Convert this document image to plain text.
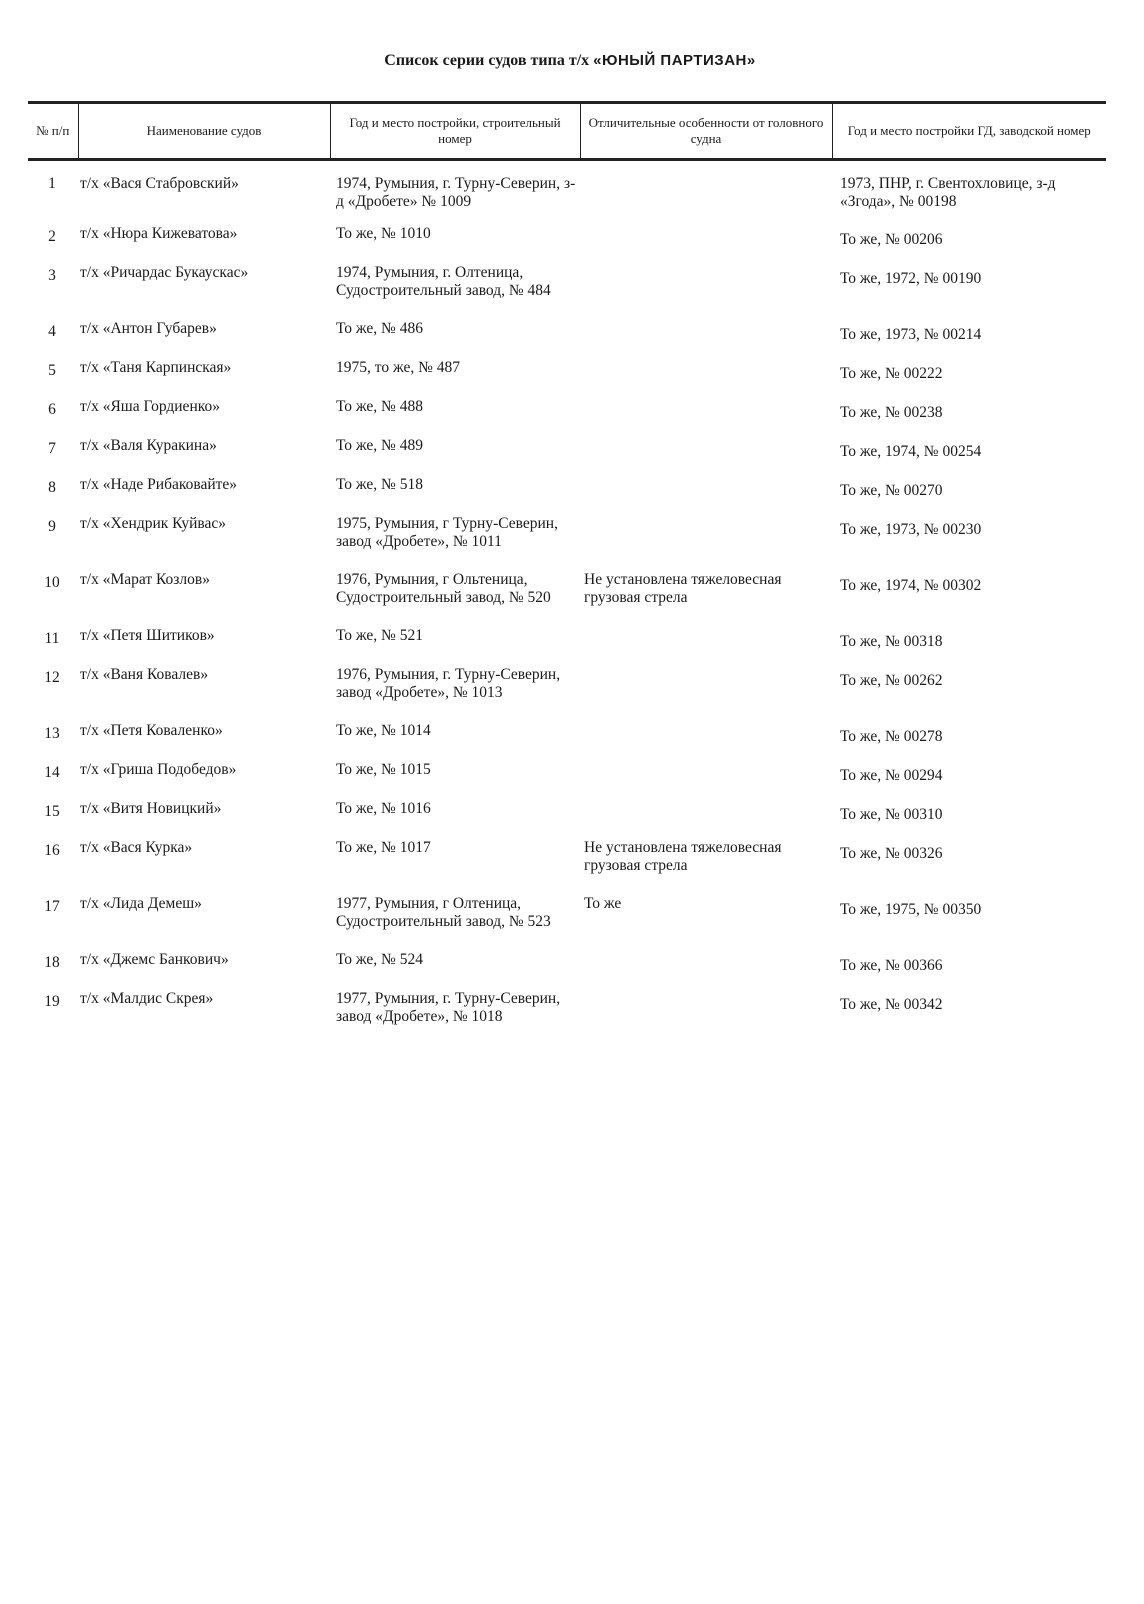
Список серии судов типа т/х «ЮНЫЙ ПАРТИЗАН»
№ п/п	Наименование судов	Год и место постройки, строительный номер	Отличительные особенности от головного судна	Год и место постройки ГД, заводской номер
1	т/х «Вася Стабровский»	1974, Румыния, г. Турну-Северин, з-д «Дробете» № 1009		1973, ПНР, г. Свентохловице, з-д «Згода», № 00198
2	т/х «Нюра Кижеватова»	То же, № 1010		То же, № 00206
3	т/х «Ричардас Букаускас»	1974, Румыния, г. Олтеница, Судостроительный завод, № 484		То же, 1972, № 00190
4	т/х «Антон Губарев»	То же, № 486		То же, 1973, № 00214
5	т/х «Таня Карпинская»	1975, то же, № 487		То же, № 00222
6	т/х «Яша Гордиенко»	То же, № 488		То же, № 00238
7	т/х «Валя Куракина»	То же, № 489		То же, 1974, № 00254
8	т/х «Наде Рибаковайте»	То же, № 518		То же, № 00270
9	т/х «Хендрик Куйвас»	1975, Румыния, г Турну-Северин, завод «Дробете», № 1011		То же, 1973, № 00230
10	т/х «Марат Козлов»	1976, Румыния, г Ольтеница, Судостроительный завод, № 520	Не установлена тяжеловесная грузовая стрела	То же, 1974, № 00302
11	т/х «Петя Шитиков»	То же, № 521		То же, № 00318
12	т/х «Ваня Ковалев»	1976, Румыния, г. Турну-Северин, завод «Дробете», № 1013		То же, № 00262
13	т/х «Петя Коваленко»	То же, № 1014		То же, № 00278
14	т/х «Гриша Подобедов»	То же, № 1015		То же, № 00294
15	т/х «Витя Новицкий»	То же, № 1016		То же, № 00310
16	т/х «Вася Курка»	То же, № 1017	Не установлена тяжеловесная грузовая стрела	То же, № 00326
17	т/х «Лида Демеш»	1977, Румыния, г Олтеница, Судостроительный завод, № 523	То же	То же, 1975, № 00350
18	т/х «Джемс Банкович»	То же, № 524		То же, № 00366
19	т/х «Малдис Скрея»	1977, Румыния, г. Турну-Северин, завод «Дробете», № 1018		То же, № 00342
